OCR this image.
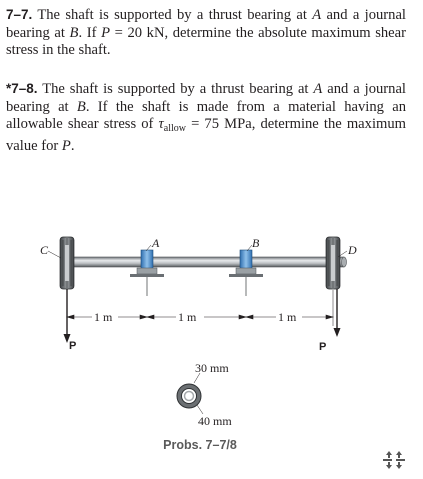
7–7. The shaft is supported by a thrust bearing at A and a journal bearing at B. If P = 20 kN, determine the absolute maximum shear stress in the shaft.
*7–8. The shaft is supported by a thrust bearing at A and a journal bearing at B. If the shaft is made from a material having an allowable shear stress of $\tau_{allow} = 75$ MPa, determine the maximum value for P.
C	A	B	D
1 m	1 m	1 m
P	P
30 mm
40 mm
Probs. 7–7/8
